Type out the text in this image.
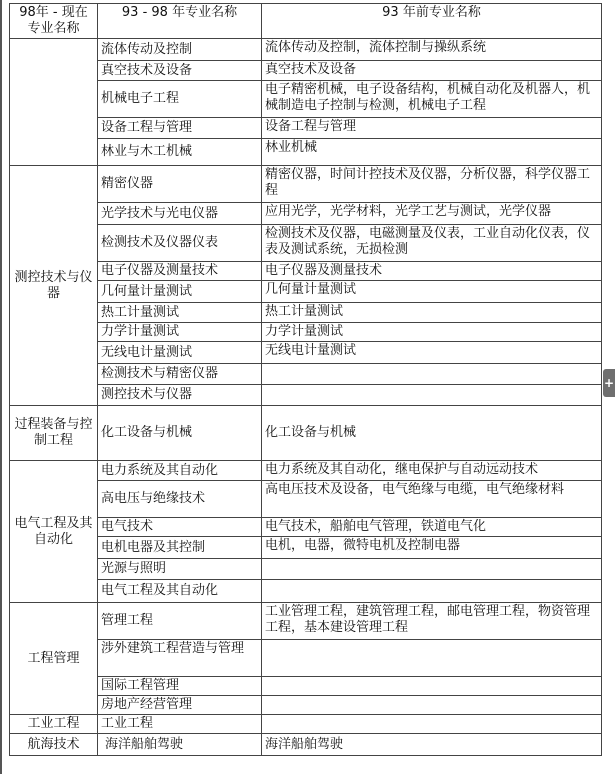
98年 - 现在专业名称	93 - 98 年专业名称	93 年前专业名称
	流体传动及控制	流体传动及控制，流体控制与操纵系统
	真空技术及设备	真空技术及设备
	机械电子工程	电子精密机械，电子设备结构，机械自动化及机器人，机械制造电子控制与检测，机械电子工程
	设备工程与管理	设备工程与管理
	林业与木工机械	林业机械
测控技术与仪器	精密仪器	精密仪器，时间计控技术及仪器，分析仪器，科学仪器工程
	光学技术与光电仪器	应用光学，光学材料，光学工艺与测试，光学仪器
	检测技术及仪器仪表	检测技术及仪器，电磁测量及仪表，工业自动化仪表，仪表及测试系统，无损检测
	电子仪器及测量技术	电子仪器及测量技术
	几何量计量测试	几何量计量测试
	热工计量测试	热工计量测试
	力学计量测试	力学计量测试
	无线电计量测试	无线电计量测试
	检测技术与精密仪器	
	测控技术与仪器	
过程装备与控制工程	化工设备与机械	化工设备与机械
电气工程及其自动化	电力系统及其自动化	电力系统及其自动化，继电保护与自动远动技术
	高电压与绝缘技术	高电压技术及设备，电气绝缘与电缆，电气绝缘材料
	电气技术	电气技术，船舶电气管理，铁道电气化
	电机电器及其控制	电机，电器，微特电机及控制电器
	光源与照明	
	电气工程及其自动化	
工程管理	管理工程	工业管理工程，建筑管理工程，邮电管理工程，物资管理工程，基本建设管理工程
	涉外建筑工程营造与管理	
	国际工程管理	
	房地产经营管理	
工业工程	工业工程	
航海技术	海洋船舶驾驶	海洋船舶驾驶
+
